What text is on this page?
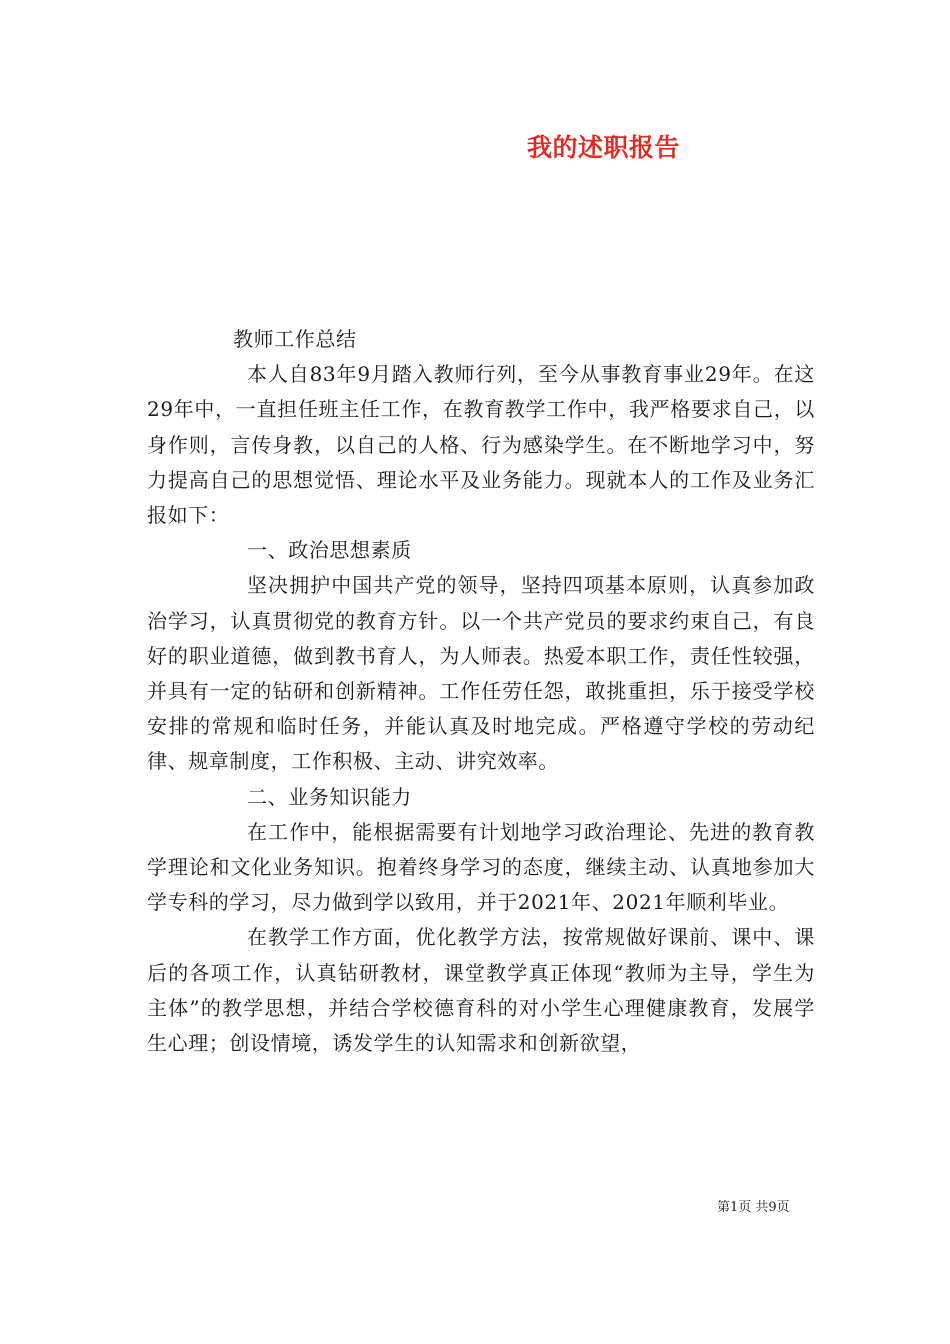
我的述职报告

教师工作总结

本人自83年9月踏入教师行列，至今从事教育事业29年。在这29年中，一直担任班主任工作，在教育教学工作中，我严格要求自己，以身作则，言传身教，以自己的人格、行为感染学生。在不断地学习中，努力提高自己的思想觉悟、理论水平及业务能力。现就本人的工作及业务汇报如下：

一、政治思想素质

坚决拥护中国共产党的领导，坚持四项基本原则，认真参加政治学习，认真贯彻党的教育方针。以一个共产党员的要求约束自己，有良好的职业道德，做到教书育人，为人师表。热爱本职工作，责任性较强，并具有一定的钻研和创新精神。工作任劳任怨，敢挑重担，乐于接受学校安排的常规和临时任务，并能认真及时地完成。严格遵守学校的劳动纪律、规章制度，工作积极、主动、讲究效率。

二、业务知识能力

在工作中，能根据需要有计划地学习政治理论、先进的教育教学理论和文化业务知识。抱着终身学习的态度，继续主动、认真地参加大学专科的学习，尽力做到学以致用，并于2021年、2021年顺利毕业。

在教学工作方面，优化教学方法，按常规做好课前、课中、课后的各项工作，认真钻研教材，课堂教学真正体现“教师为主导，学生为主体”的教学思想，并结合学校德育科的对小学生心理健康教育，发展学生心理；创设情境，诱发学生的认知需求和创新欲望，

第1页 共9页
